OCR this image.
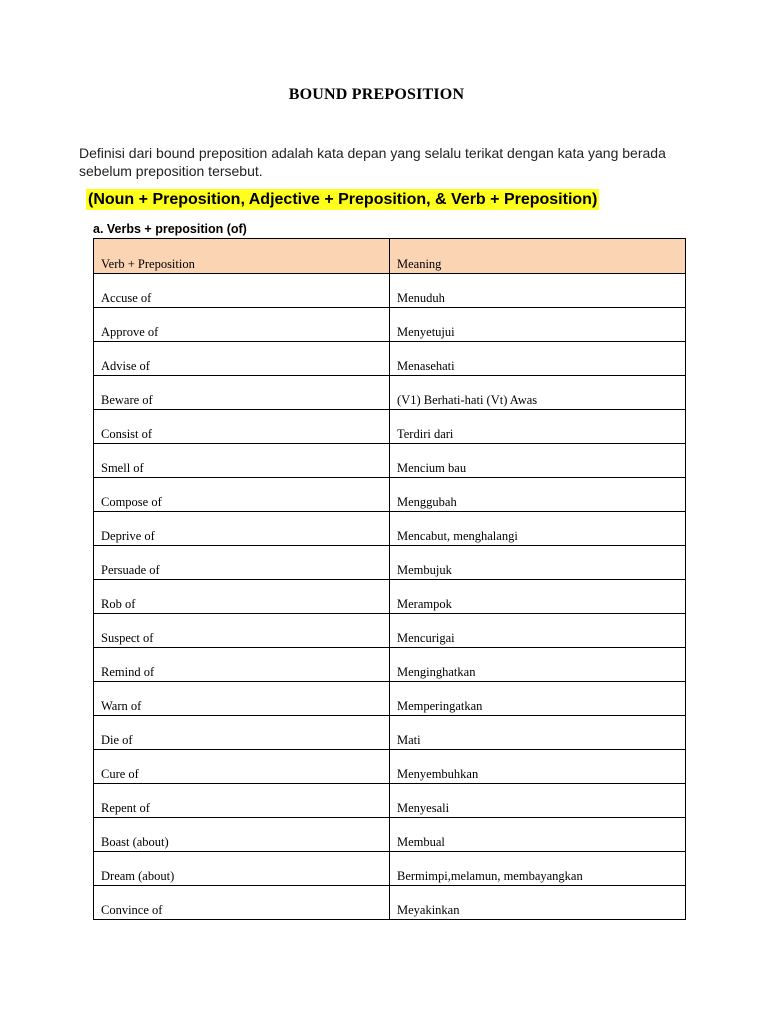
BOUND PREPOSITION
Definisi dari bound preposition adalah kata depan yang selalu terikat dengan kata yang berada sebelum preposition tersebut.
(Noun + Preposition, Adjective + Preposition, & Verb + Preposition)
a. Verbs + preposition (of)
Verb + Preposition	Meaning
Accuse of	Menuduh
Approve of	Menyetujui
Advise of	Menasehati
Beware of	(V1) Berhati-hati (Vt) Awas
Consist of	Terdiri dari
Smell of	Mencium bau
Compose of	Menggubah
Deprive of	Mencabut, menghalangi
Persuade of	Membujuk
Rob of	Merampok
Suspect of	Mencurigai
Remind of	Menginghatkan
Warn of	Memperingatkan
Die of	Mati
Cure of	Menyembuhkan
Repent of	Menyesali
Boast (about)	Membual
Dream (about)	Bermimpi,melamun, membayangkan
Convince of	Meyakinkan
